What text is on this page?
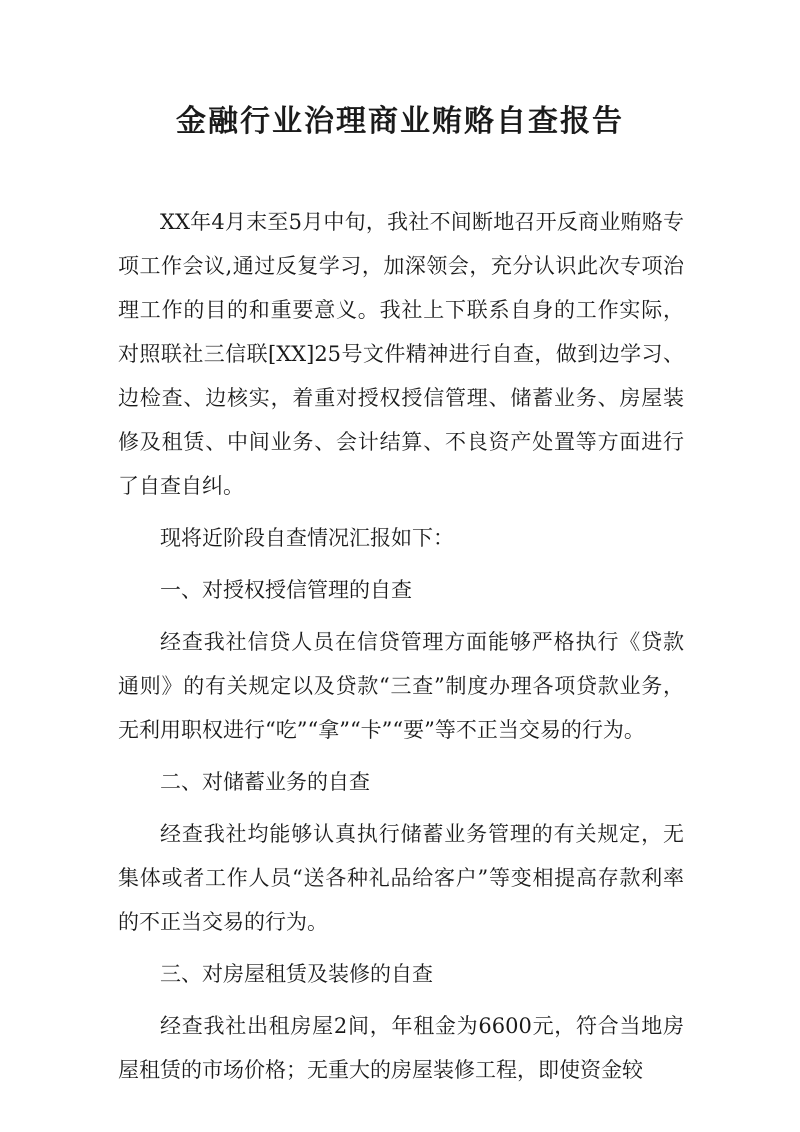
金融行业治理商业贿赂自查报告

XX年4月末至5月中旬，我社不间断地召开反商业贿赂专项工作会议,通过反复学习，加深领会，充分认识此次专项治理工作的目的和重要意义。我社上下联系自身的工作实际，对照联社三信联[XX]25号文件精神进行自查，做到边学习、边检查、边核实，着重对授权授信管理、储蓄业务、房屋装修及租赁、中间业务、会计结算、不良资产处置等方面进行了自查自纠。

现将近阶段自查情况汇报如下：

一、对授权授信管理的自查

经查我社信贷人员在信贷管理方面能够严格执行《贷款通则》的有关规定以及贷款“三查”制度办理各项贷款业务，无利用职权进行“吃”“拿”“卡”“要”等不正当交易的行为。

二、对储蓄业务的自查

经查我社均能够认真执行储蓄业务管理的有关规定，无集体或者工作人员“送各种礼品给客户”等变相提高存款利率的不正当交易的行为。

三、对房屋租赁及装修的自查

经查我社出租房屋2间，年租金为6600元，符合当地房屋租赁的市场价格；无重大的房屋装修工程，即使资金较
